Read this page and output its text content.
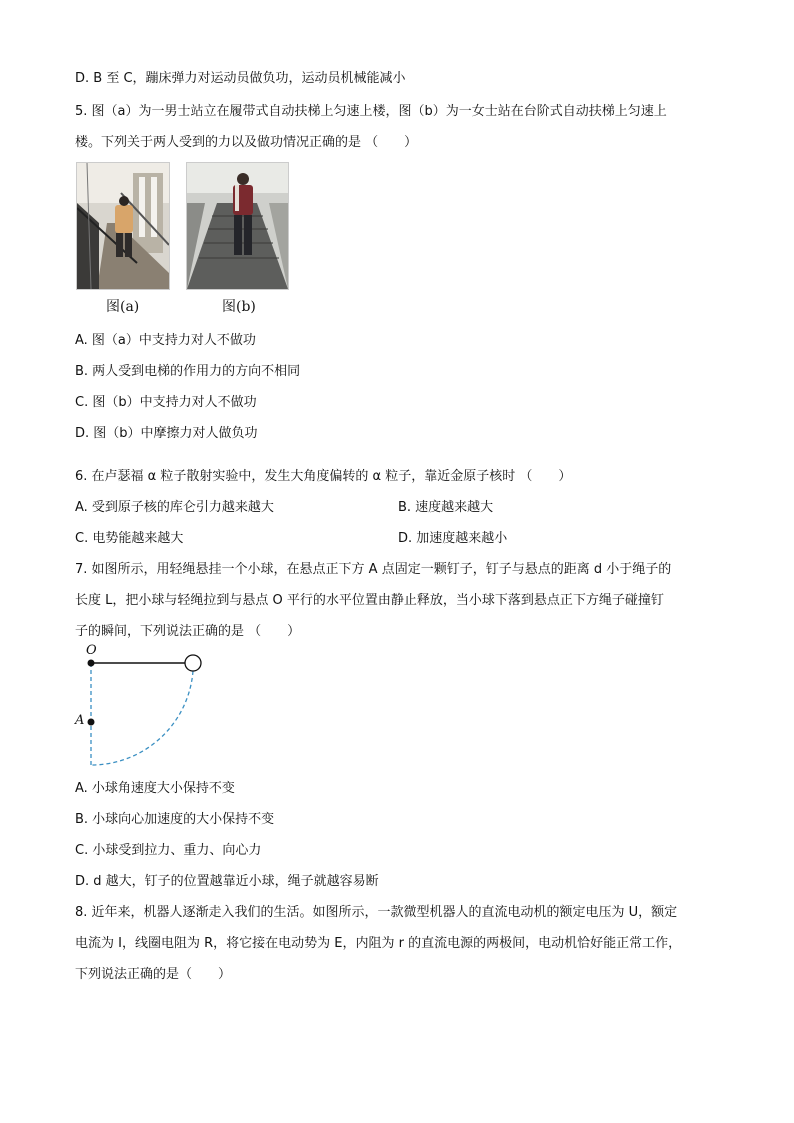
D. B 至 C，蹦床弹力对运动员做负功，运动员机械能减小
5. 图（a）为一男士站立在履带式自动扶梯上匀速上楼，图（b）为一女士站在台阶式自动扶梯上匀速上
楼。下列关于两人受到的力以及做功情况正确的是 （　　）
图(a)	图(b)
A. 图（a）中支持力对人不做功
B. 两人受到电梯的作用力的方向不相同
C. 图（b）中支持力对人不做功
D. 图（b）中摩擦力对人做负功
6. 在卢瑟福 α 粒子散射实验中，发生大角度偏转的 α 粒子，靠近金原子核时 （　　）
A. 受到原子核的库仑引力越来越大	B. 速度越来越大
C. 电势能越来越大	D. 加速度越来越小
7. 如图所示，用轻绳悬挂一个小球，在悬点正下方 A 点固定一颗钉子，钉子与悬点的距离 d 小于绳子的
长度 L，把小球与轻绳拉到与悬点 O 平行的水平位置由静止释放，当小球下落到悬点正下方绳子碰撞钉
子的瞬间，下列说法正确的是 （　　）
O
A
A. 小球角速度大小保持不变
B. 小球向心加速度的大小保持不变
C. 小球受到拉力、重力、向心力
D. d 越大，钉子的位置越靠近小球，绳子就越容易断
8. 近年来，机器人逐渐走入我们的生活。如图所示，一款微型机器人的直流电动机的额定电压为 U，额定
电流为 I，线圈电阻为 R，将它接在电动势为 E，内阻为 r 的直流电源的两极间，电动机恰好能正常工作，
下列说法正确的是（　　）
